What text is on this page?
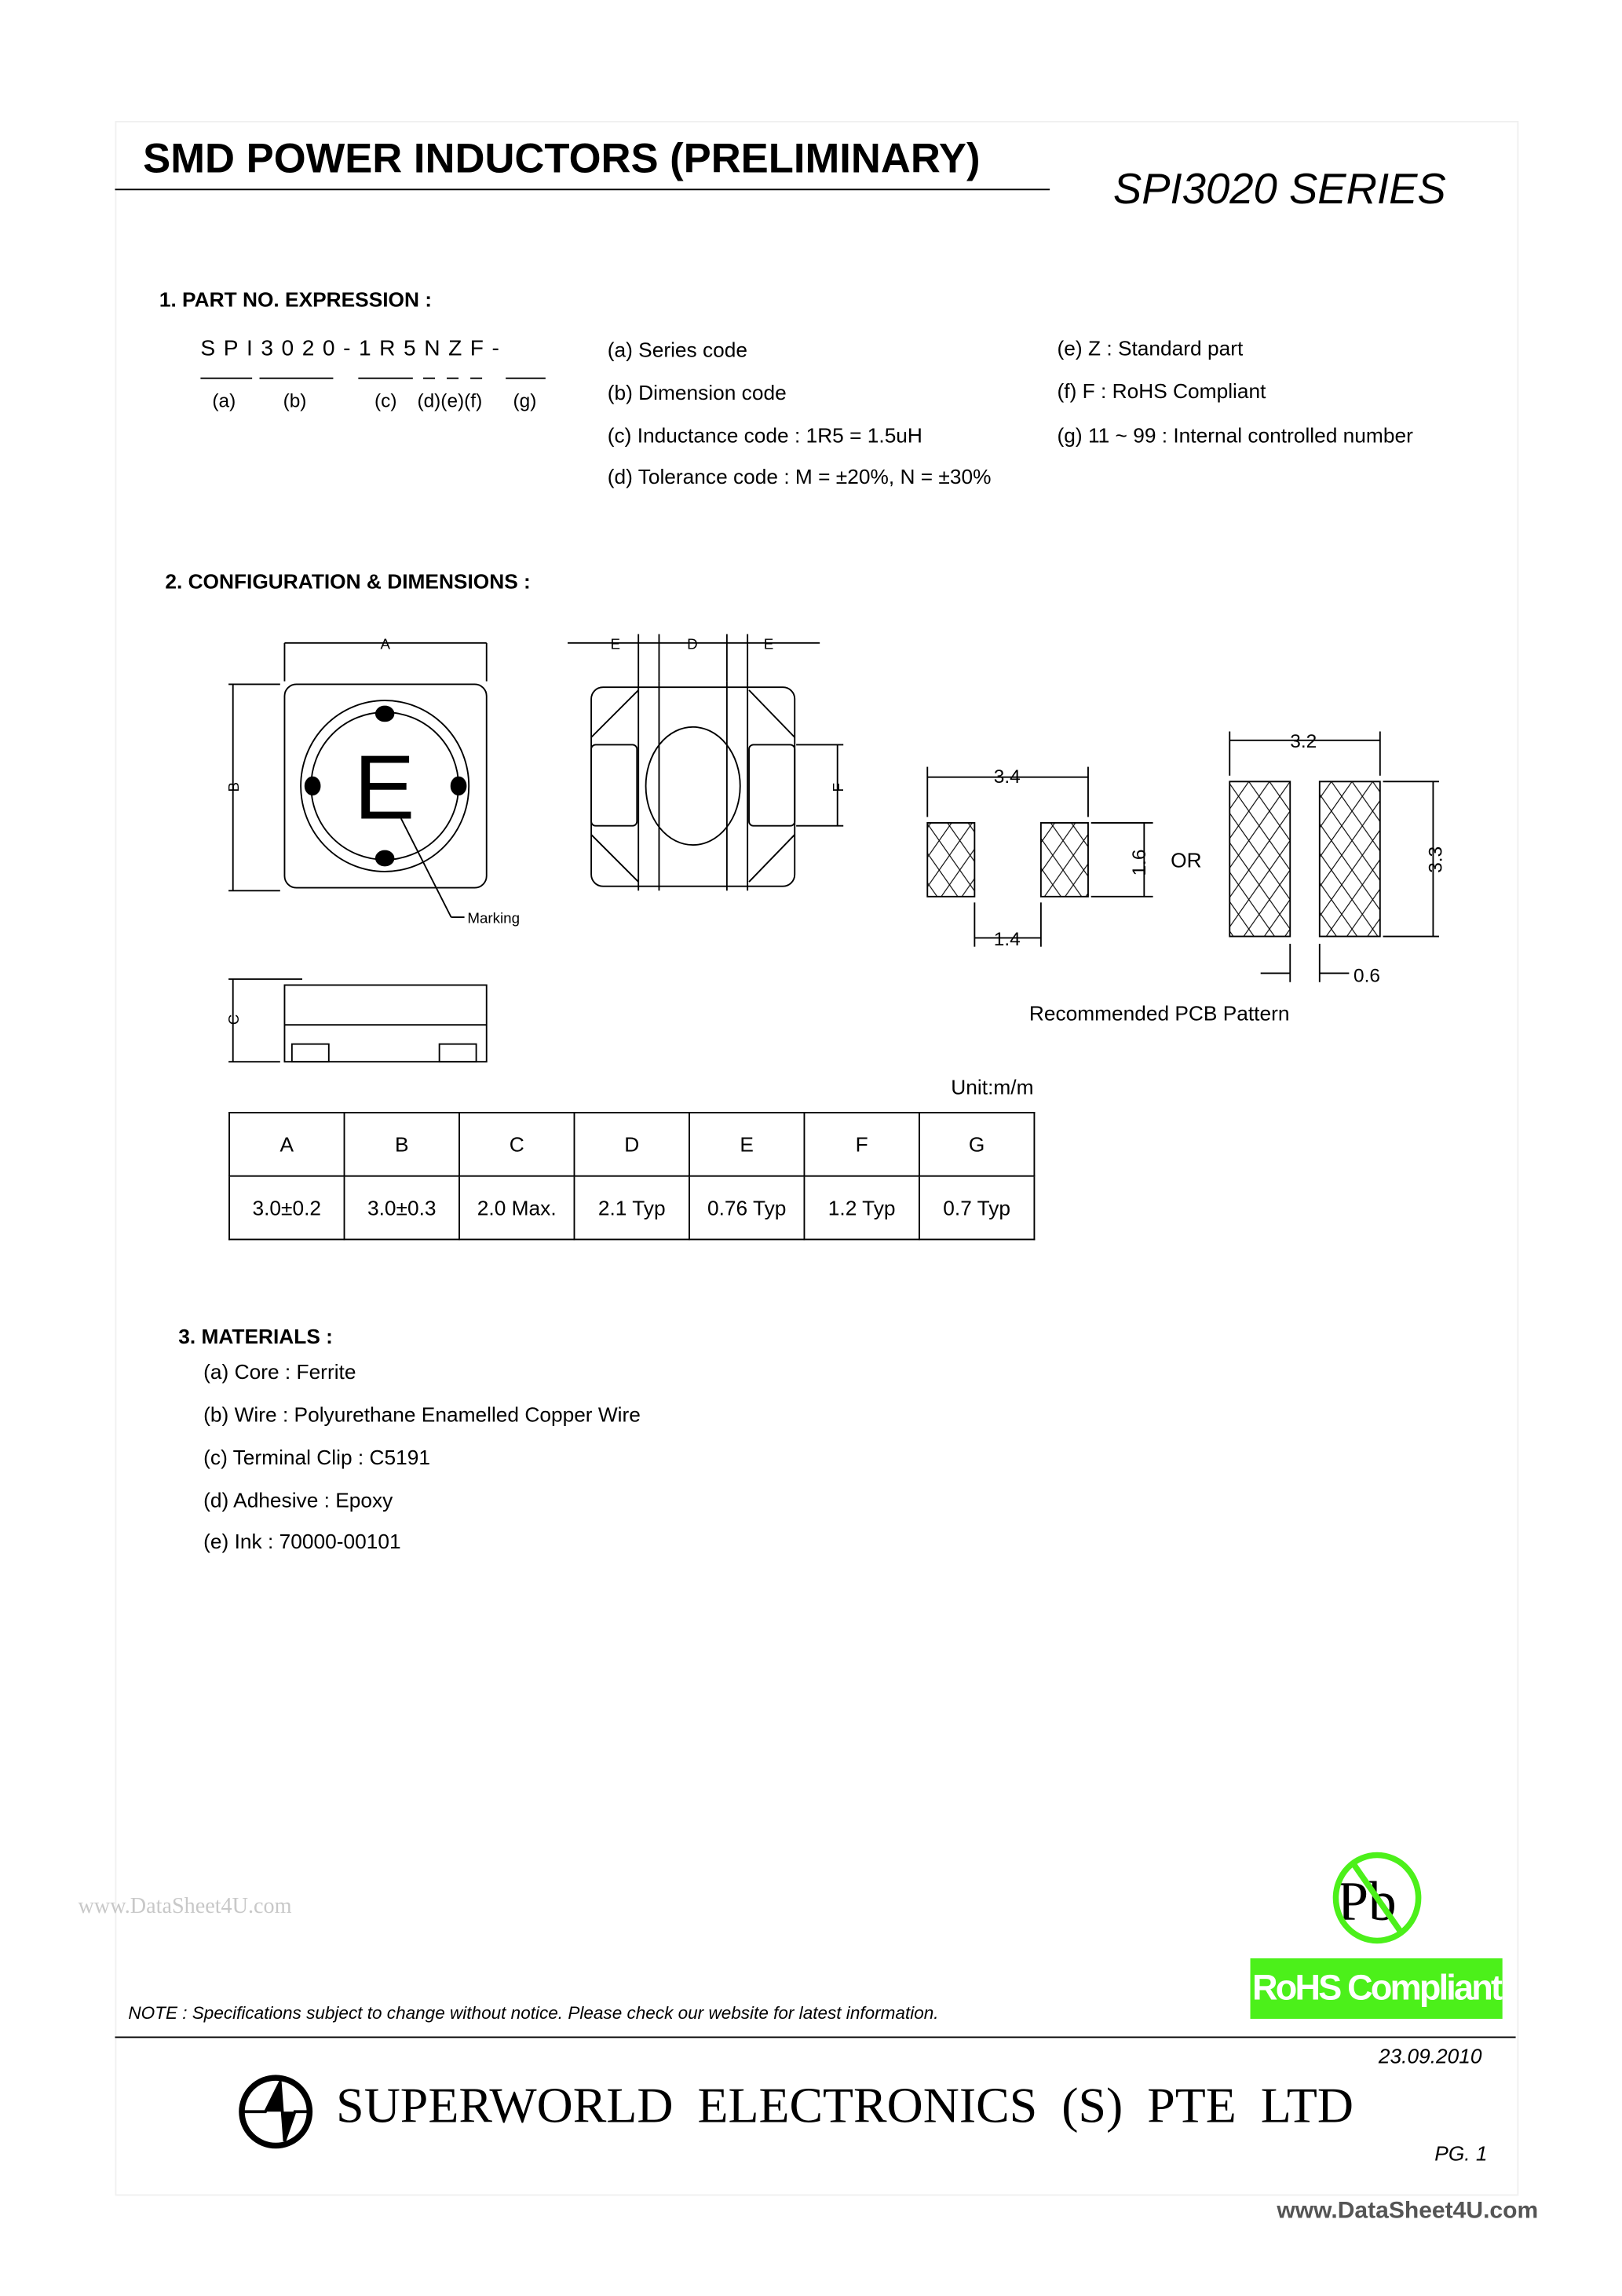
SMD POWER INDUCTORS (PRELIMINARY)
SPI3020 SERIES
1. PART NO. EXPRESSION :
SPI3020-1R5NZF-
(a)	(b)	(c) (d)(e)(f)	(g)
(a) Series code
(b) Dimension code
(c) Inductance code : 1R5 = 1.5uH
(d) Tolerance code : M = ±20%, N = ±30%
(e) Z : Standard part
(f) F : RoHS Compliant
(g) 11 ~ 99 : Internal controlled number
2. CONFIGURATION & DIMENSIONS :
A
B
C
E
Marking
E	D	E
F	3.4
1.6
1.4
OR
3.2
3.3
0.6
Recommended PCB Pattern
Unit:m/m
A	B	C	D	E	F	G
3.0±0.2	3.0±0.3	2.0 Max.	2.1 Typ	0.76 Typ	1.2 Typ	0.7 Typ
3. MATERIALS :
(a) Core : Ferrite
(b) Wire : Polyurethane Enamelled Copper Wire
(c) Terminal Clip : C5191
(d) Adhesive : Epoxy
(e) Ink : 70000-00101
www.DataSheet4U.com	Pb
RoHS Compliant
NOTE : Specifications subject to change without notice. Please check our website for latest information.
23.09.2010
SUPERWORLD ELECTRONICS (S) PTE LTD
PG. 1
www.DataSheet4U.com
